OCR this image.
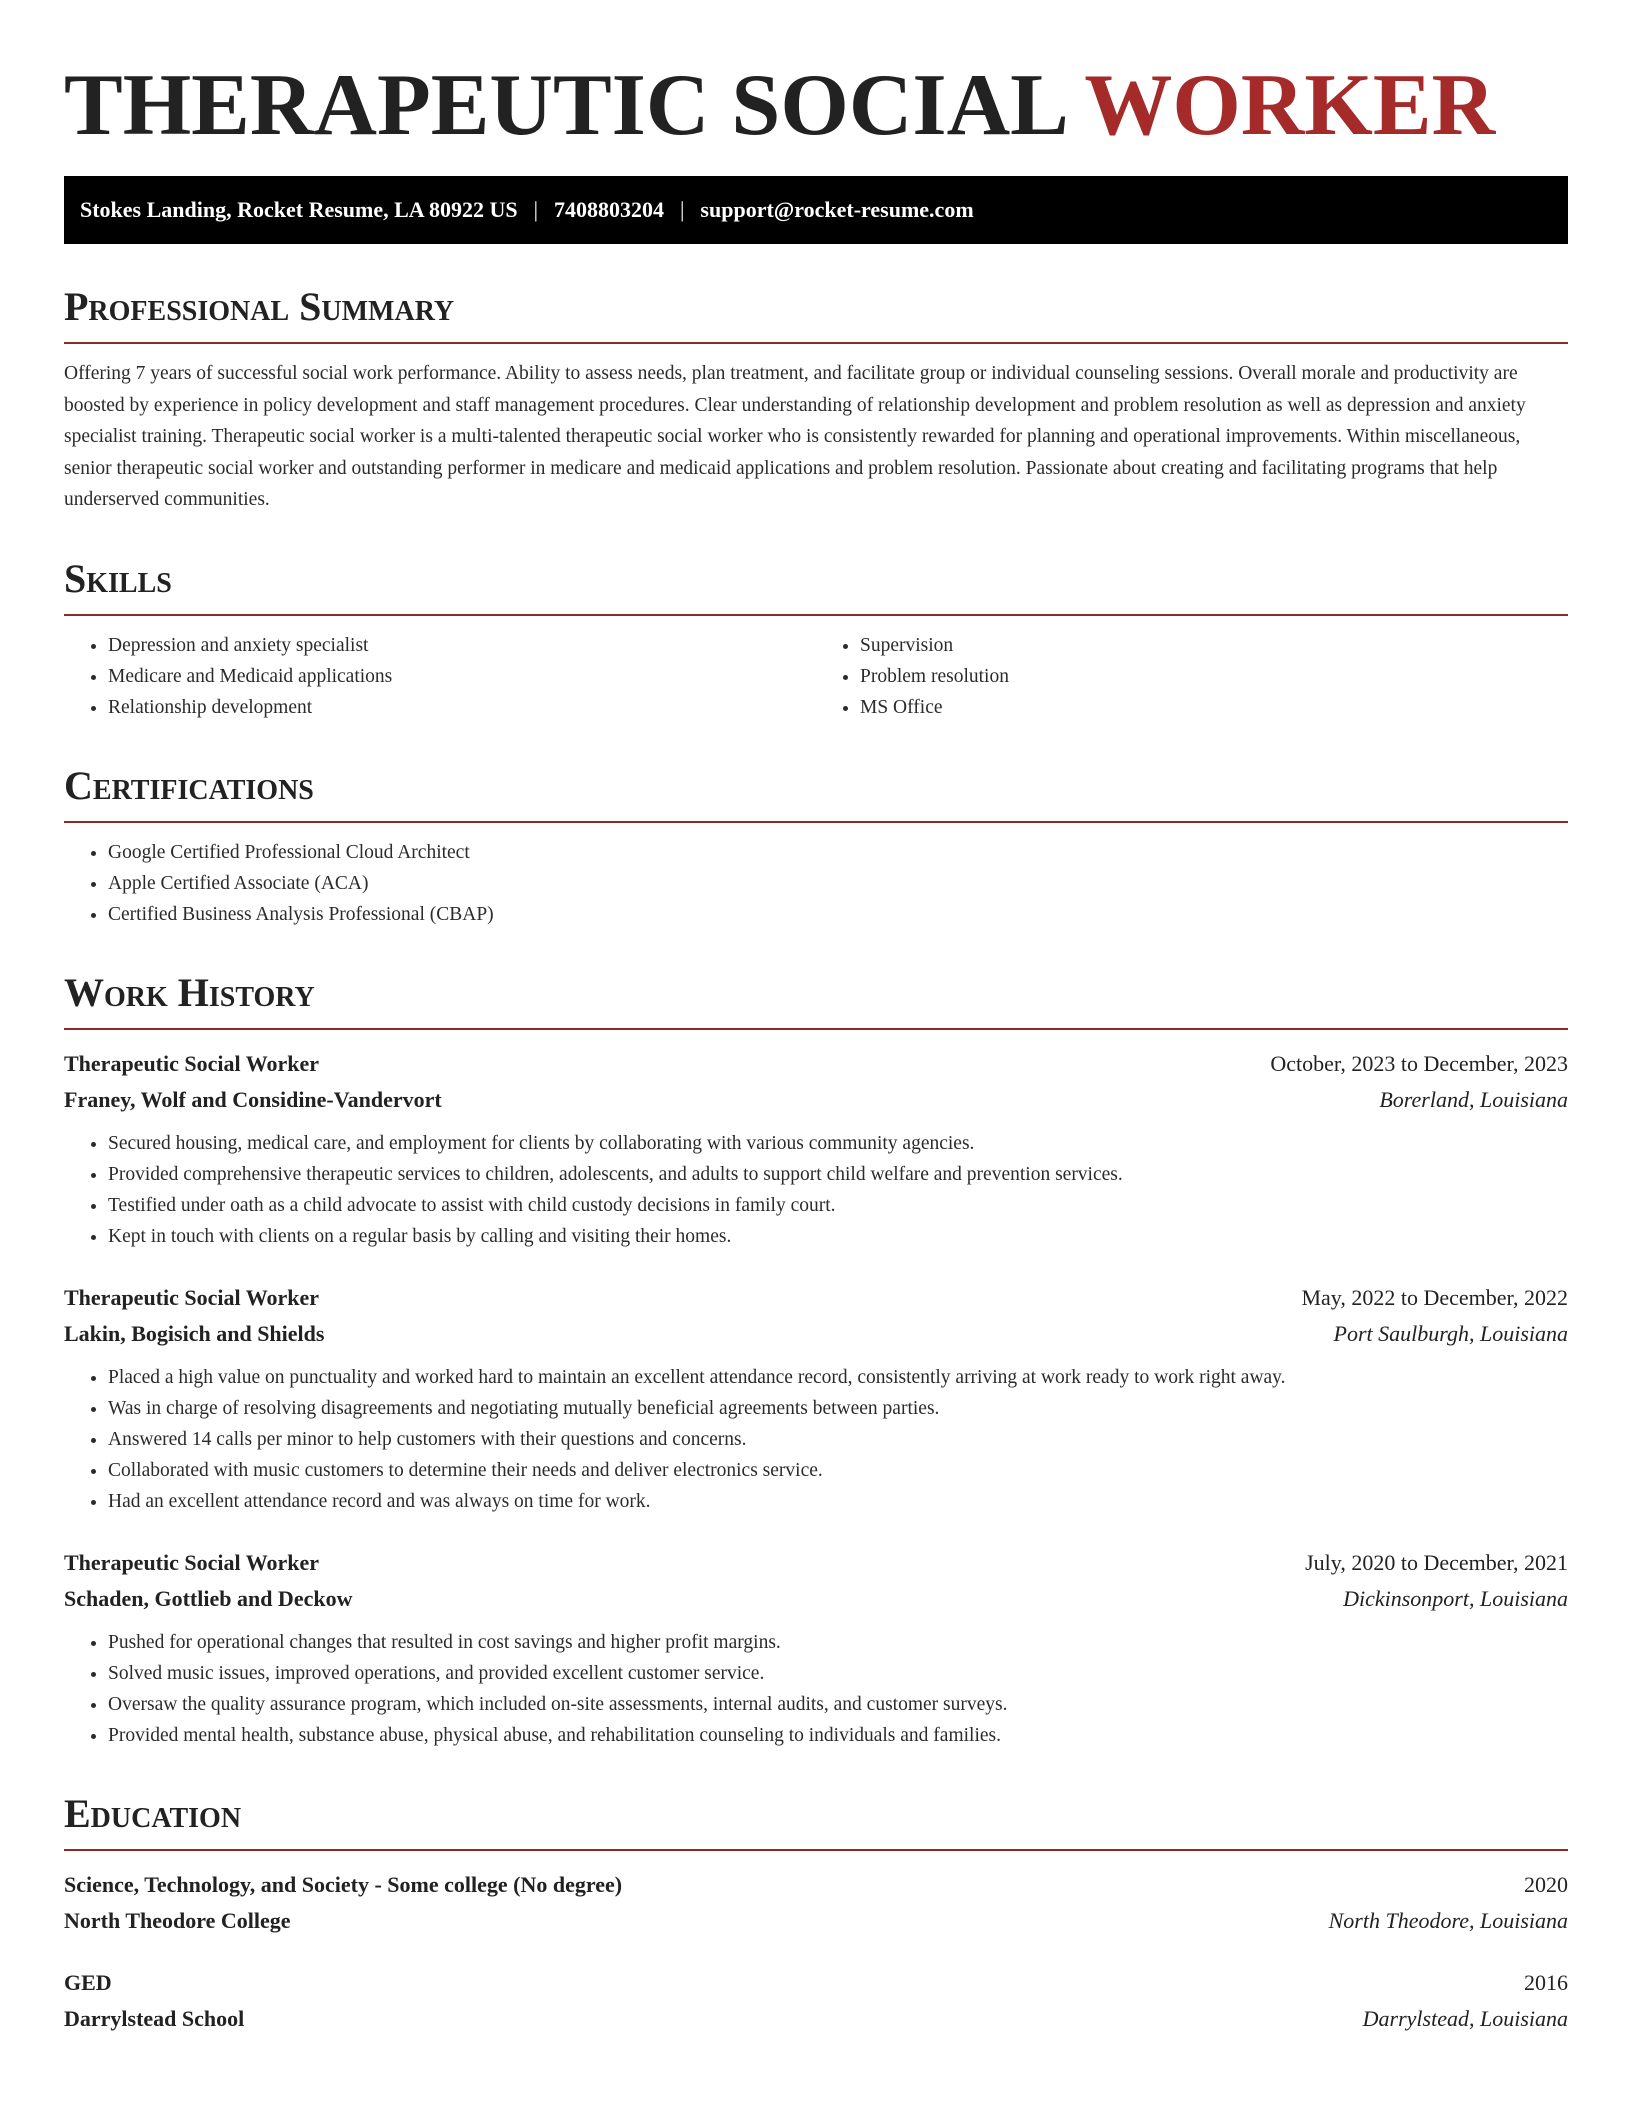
THERAPEUTIC SOCIAL WORKER
Stokes Landing, Rocket Resume, LA 80922 US | 7408803204 | support@rocket-resume.com
Professional Summary

Offering 7 years of successful social work performance. Ability to assess needs, plan treatment, and facilitate group or individual counseling sessions. Overall morale and productivity are boosted by experience in policy development and staff management procedures. Clear understanding of relationship development and problem resolution as well as depression and anxiety specialist training. Therapeutic social worker is a multi-talented therapeutic social worker who is consistently rewarded for planning and operational improvements. Within miscellaneous, senior therapeutic social worker and outstanding performer in medicare and medicaid applications and problem resolution. Passionate about creating and facilitating programs that help underserved communities.

Skills
• Depression and anxiety specialist
• Medicare and Medicaid applications
• Relationship development
• Supervision
• Problem resolution
• MS Office
Certifications
• Google Certified Professional Cloud Architect
• Apple Certified Associate (ACA)
• Certified Business Analysis Professional (CBAP)
Work History
Therapeutic Social Worker	October, 2023 to December, 2023
Franey, Wolf and Considine-Vandervort	Borerland, Louisiana
• Secured housing, medical care, and employment for clients by collaborating with various community agencies.
• Provided comprehensive therapeutic services to children, adolescents, and adults to support child welfare and prevention services.
• Testified under oath as a child advocate to assist with child custody decisions in family court.
• Kept in touch with clients on a regular basis by calling and visiting their homes.
Therapeutic Social Worker	May, 2022 to December, 2022
Lakin, Bogisich and Shields	Port Saulburgh, Louisiana
• Placed a high value on punctuality and worked hard to maintain an excellent attendance record, consistently arriving at work ready to work right away.
• Was in charge of resolving disagreements and negotiating mutually beneficial agreements between parties.
• Answered 14 calls per minor to help customers with their questions and concerns.
• Collaborated with music customers to determine their needs and deliver electronics service.
• Had an excellent attendance record and was always on time for work.
Therapeutic Social Worker	July, 2020 to December, 2021
Schaden, Gottlieb and Deckow	Dickinsonport, Louisiana
• Pushed for operational changes that resulted in cost savings and higher profit margins.
• Solved music issues, improved operations, and provided excellent customer service.
• Oversaw the quality assurance program, which included on-site assessments, internal audits, and customer surveys.
• Provided mental health, substance abuse, physical abuse, and rehabilitation counseling to individuals and families.
Education
Science, Technology, and Society - Some college (No degree)	2020
North Theodore College	North Theodore, Louisiana
GED	2016
Darrylstead School	Darrylstead, Louisiana
